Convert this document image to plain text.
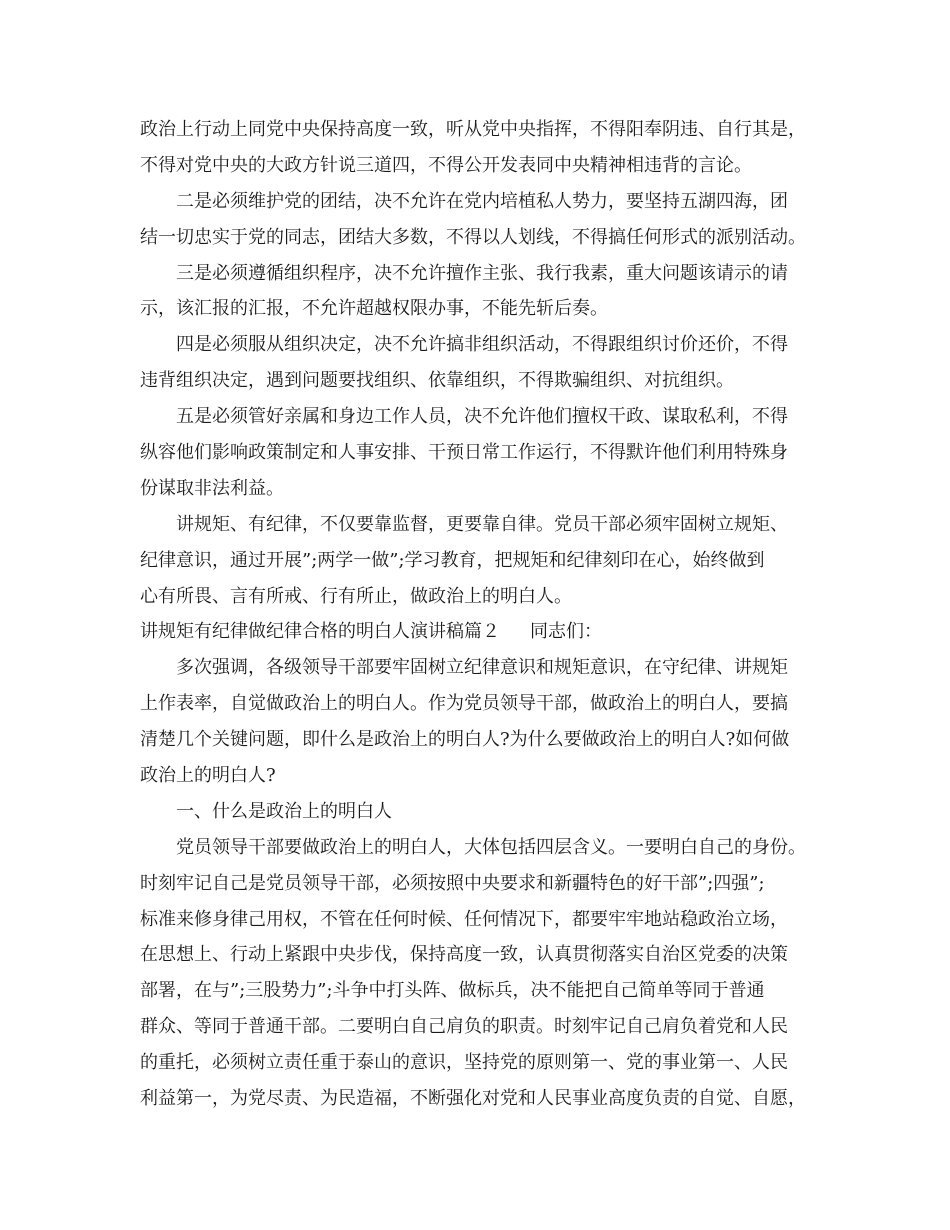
政治上行动上同党中央保持高度一致，听从党中央指挥，不得阳奉阴违、自行其是，
不得对党中央的大政方针说三道四，不得公开发表同中央精神相违背的言论。
二是必须维护党的团结，决不允许在党内培植私人势力，要坚持五湖四海，团
结一切忠实于党的同志，团结大多数，不得以人划线，不得搞任何形式的派别活动。
三是必须遵循组织程序，决不允许擅作主张、我行我素，重大问题该请示的请
示，该汇报的汇报，不允许超越权限办事，不能先斩后奏。
四是必须服从组织决定，决不允许搞非组织活动，不得跟组织讨价还价，不得
违背组织决定，遇到问题要找组织、依靠组织，不得欺骗组织、对抗组织。
五是必须管好亲属和身边工作人员，决不允许他们擅权干政、谋取私利，不得
纵容他们影响政策制定和人事安排、干预日常工作运行，不得默许他们利用特殊身
份谋取非法利益。
讲规矩、有纪律，不仅要靠监督，更要靠自律。党员干部必须牢固树立规矩、
纪律意识，通过开展”;两学一做”;学习教育，把规矩和纪律刻印在心，始终做到
心有所畏、言有所戒、行有所止，做政治上的明白人。
讲规矩有纪律做纪律合格的明白人演讲稿篇２ 同志们：
多次强调，各级领导干部要牢固树立纪律意识和规矩意识，在守纪律、讲规矩
上作表率，自觉做政治上的明白人。作为党员领导干部，做政治上的明白人，要搞
清楚几个关键问题，即什么是政治上的明白人?为什么要做政治上的明白人?如何做
政治上的明白人?
一、什么是政治上的明白人
党员领导干部要做政治上的明白人，大体包括四层含义。一要明白自己的身份。
时刻牢记自己是党员领导干部，必须按照中央要求和新疆特色的好干部”;四强”;
标准来修身律己用权，不管在任何时候、任何情况下，都要牢牢地站稳政治立场，
在思想上、行动上紧跟中央步伐，保持高度一致，认真贯彻落实自治区党委的决策
部署，在与”;三股势力”;斗争中打头阵、做标兵，决不能把自己简单等同于普通
群众、等同于普通干部。二要明白自己肩负的职责。时刻牢记自己肩负着党和人民
的重托，必须树立责任重于泰山的意识，坚持党的原则第一、党的事业第一、人民
利益第一，为党尽责、为民造福，不断强化对党和人民事业高度负责的自觉、自愿，
